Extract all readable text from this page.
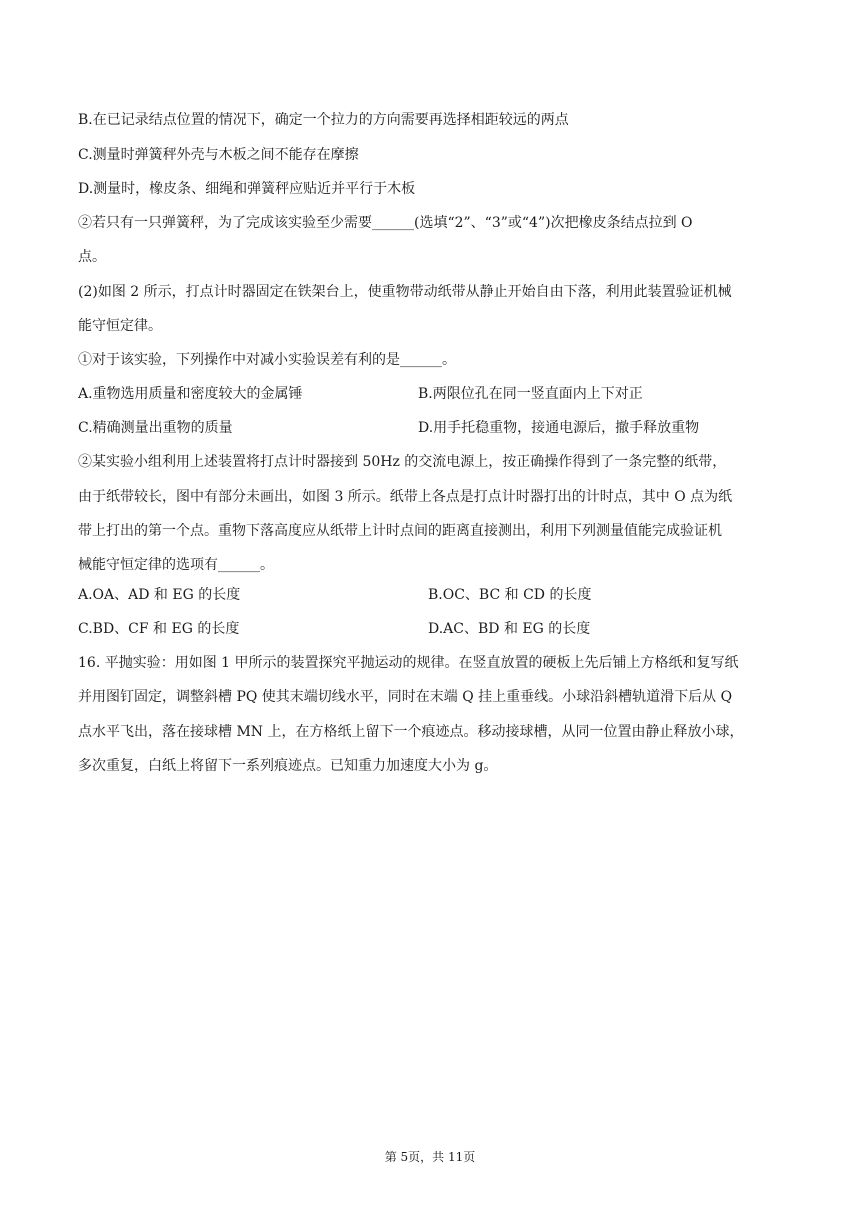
B.在已记录结点位置的情况下，确定一个拉力的方向需要再选择相距较远的两点
C.测量时弹簧秤外壳与木板之间不能存在摩擦
D.测量时，橡皮条、细绳和弹簧秤应贴近并平行于木板
②若只有一只弹簧秤，为了完成该实验至少需要______(选填“2”、“3”或“4”)次把橡皮条结点拉到 O
点。
(2)如图 2 所示，打点计时器固定在铁架台上，使重物带动纸带从静止开始自由下落，利用此装置验证机械
能守恒定律。
①对于该实验，下列操作中对减小实验误差有利的是______。
A.重物选用质量和密度较大的金属锤	B.两限位孔在同一竖直面内上下对正
C.精确测量出重物的质量	D.用手托稳重物，接通电源后，撤手释放重物
②某实验小组利用上述装置将打点计时器接到 50Hz 的交流电源上，按正确操作得到了一条完整的纸带，
由于纸带较长，图中有部分未画出，如图 3 所示。纸带上各点是打点计时器打出的计时点，其中 O 点为纸
带上打出的第一个点。重物下落高度应从纸带上计时点间的距离直接测出，利用下列测量值能完成验证机
械能守恒定律的选项有______。
A.OA、AD 和 EG 的长度	B.OC、BC 和 CD 的长度
C.BD、CF 和 EG 的长度	D.AC、BD 和 EG 的长度
16. 平抛实验：用如图 1 甲所示的装置探究平抛运动的规律。在竖直放置的硬板上先后铺上方格纸和复写纸
并用图钉固定，调整斜槽 PQ 使其末端切线水平，同时在末端 Q 挂上重垂线。小球沿斜槽轨道滑下后从 Q
点水平飞出，落在接球槽 MN 上，在方格纸上留下一个痕迹点。移动接球槽，从同一位置由静止释放小球，
多次重复，白纸上将留下一系列痕迹点。已知重力加速度大小为 g。
第 5页，共 11页
